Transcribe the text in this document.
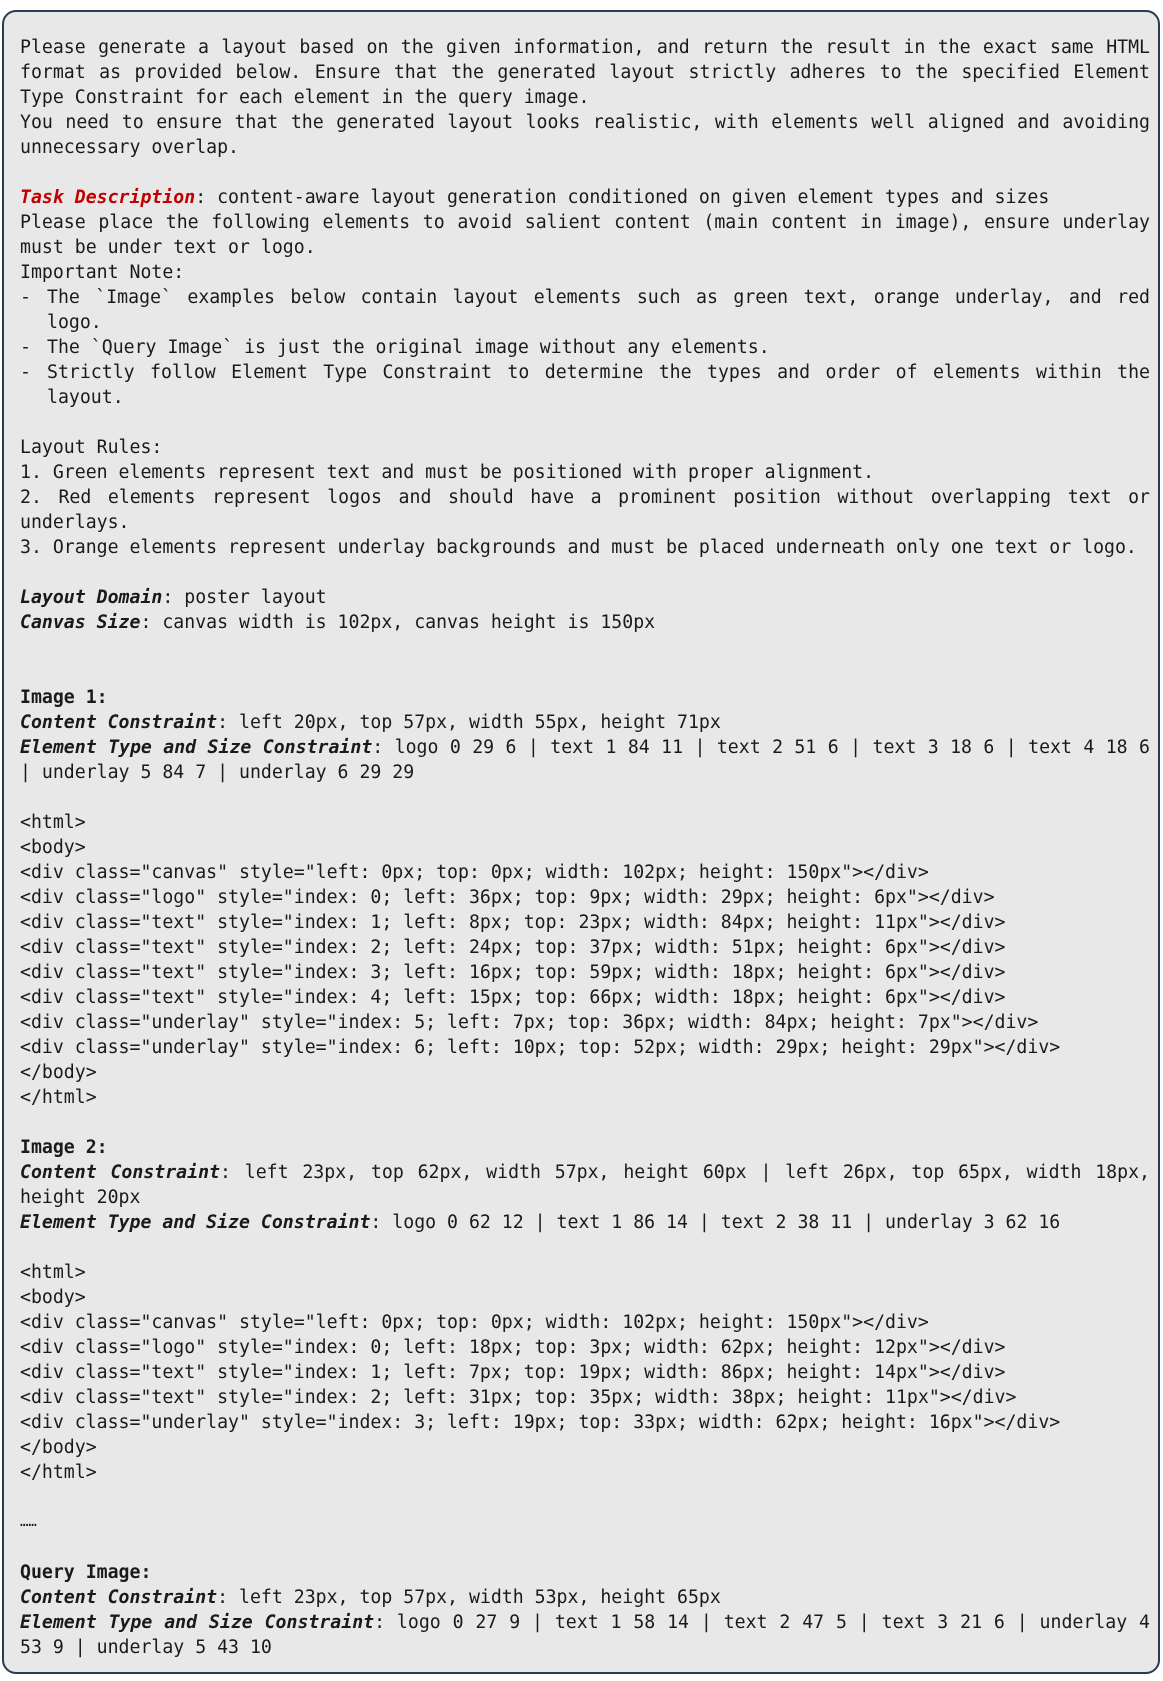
Please generate a layout based on the given information, and return the result in the exact same HTML format as provided below. Ensure that the generated layout strictly adheres to the specified Element Type Constraint for each element in the query image.
You need to ensure that the generated layout looks realistic, with elements well aligned and avoiding unnecessary overlap.
Task Description: content-aware layout generation conditioned on given element types and sizes
Please place the following elements to avoid salient content (main content in image), ensure underlay must be under text or logo.
Important Note:
- The `Image` examples below contain layout elements such as green text, orange underlay, and red logo.
- The `Query Image` is just the original image without any elements.
- Strictly follow Element Type Constraint to determine the types and order of elements within the layout.
Layout Rules:
1. Green elements represent text and must be positioned with proper alignment.
2. Red elements represent logos and should have a prominent position without overlapping text or underlays.
3. Orange elements represent underlay backgrounds and must be placed underneath only one text or logo.
Layout Domain: poster layout
Canvas Size: canvas width is 102px, canvas height is 150px
Image 1:
Content Constraint: left 20px, top 57px, width 55px, height 71px
Element Type and Size Constraint: logo 0 29 6 | text 1 84 11 | text 2 51 6 | text 3 18 6 | text 4 18 6 | underlay 5 84 7 | underlay 6 29 29
<html>
<body>
<div class="canvas" style="left: 0px; top: 0px; width: 102px; height: 150px"></div>
<div class="logo" style="index: 0; left: 36px; top: 9px; width: 29px; height: 6px"></div>
<div class="text" style="index: 1; left: 8px; top: 23px; width: 84px; height: 11px"></div>
<div class="text" style="index: 2; left: 24px; top: 37px; width: 51px; height: 6px"></div>
<div class="text" style="index: 3; left: 16px; top: 59px; width: 18px; height: 6px"></div>
<div class="text" style="index: 4; left: 15px; top: 66px; width: 18px; height: 6px"></div>
<div class="underlay" style="index: 5; left: 7px; top: 36px; width: 84px; height: 7px"></div>
<div class="underlay" style="index: 6; left: 10px; top: 52px; width: 29px; height: 29px"></div>
</body>
</html>
Image 2:
Content Constraint: left 23px, top 62px, width 57px, height 60px | left 26px, top 65px, width 18px, height 20px
Element Type and Size Constraint: logo 0 62 12 | text 1 86 14 | text 2 38 11 | underlay 3 62 16
<html>
<body>
<div class="canvas" style="left: 0px; top: 0px; width: 102px; height: 150px"></div>
<div class="logo" style="index: 0; left: 18px; top: 3px; width: 62px; height: 12px"></div>
<div class="text" style="index: 1; left: 7px; top: 19px; width: 86px; height: 14px"></div>
<div class="text" style="index: 2; left: 31px; top: 35px; width: 38px; height: 11px"></div>
<div class="underlay" style="index: 3; left: 19px; top: 33px; width: 62px; height: 16px"></div>
</body>
</html>
……
Query Image:
Content Constraint: left 23px, top 57px, width 53px, height 65px
Element Type and Size Constraint: logo 0 27 9 | text 1 58 14 | text 2 47 5 | text 3 21 6 | underlay 4 53 9 | underlay 5 43 10
